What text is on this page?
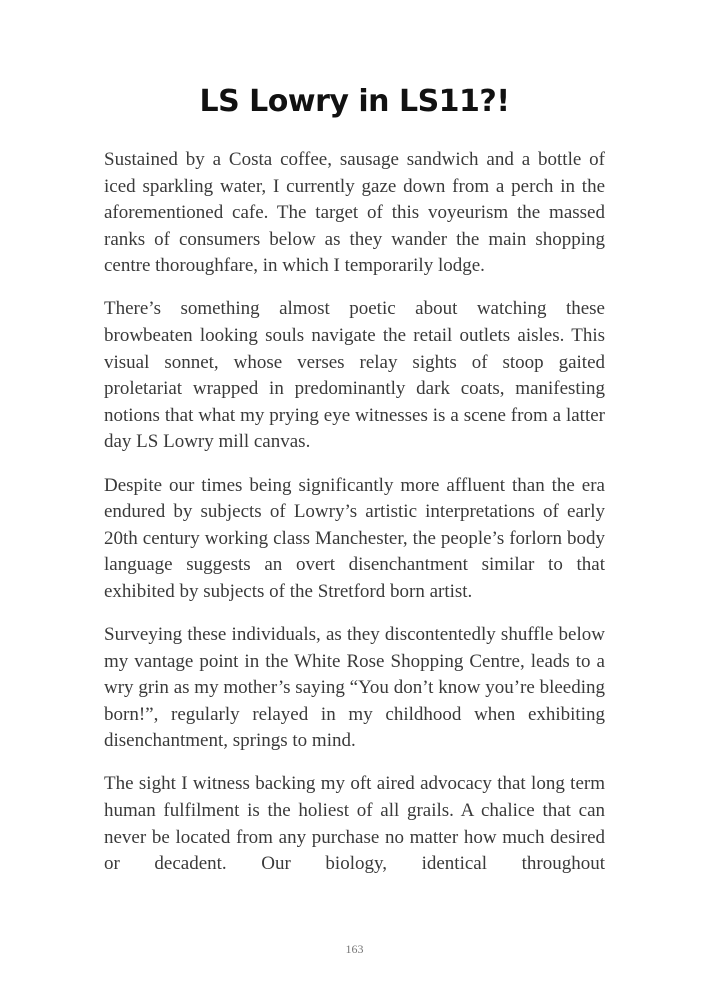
LS Lowry in LS11?!

Sustained by a Costa coffee, sausage sandwich and a bottle of iced sparkling water, I currently gaze down from a perch in the aforementioned cafe. The target of this voyeurism the massed ranks of consumers below as they wander the main shopping centre thoroughfare, in which I temporarily lodge.

There’s something almost poetic about watching these browbeaten looking souls navigate the retail outlets aisles. This visual sonnet, whose verses relay sights of stoop gaited proletariat wrapped in predominantly dark coats, manifesting notions that what my prying eye witnesses is a scene from a latter day LS Lowry mill canvas.

Despite our times being significantly more affluent than the era endured by subjects of Lowry’s artistic interpretations of early 20th century working class Manchester, the people’s forlorn body language suggests an overt disenchantment similar to that exhibited by subjects of the Stretford born artist.

Surveying these individuals, as they discontentedly shuffle below my vantage point in the White Rose Shopping Centre, leads to a wry grin as my mother’s saying “You don’t know you’re bleeding born!”, regularly relayed in my childhood when exhibiting disenchantment, springs to mind.

The sight I witness backing my oft aired advocacy that long term human fulfilment is the holiest of all grails. A chalice that can never be located from any purchase no matter how much desired or decadent. Our biology, identical throughout

163
